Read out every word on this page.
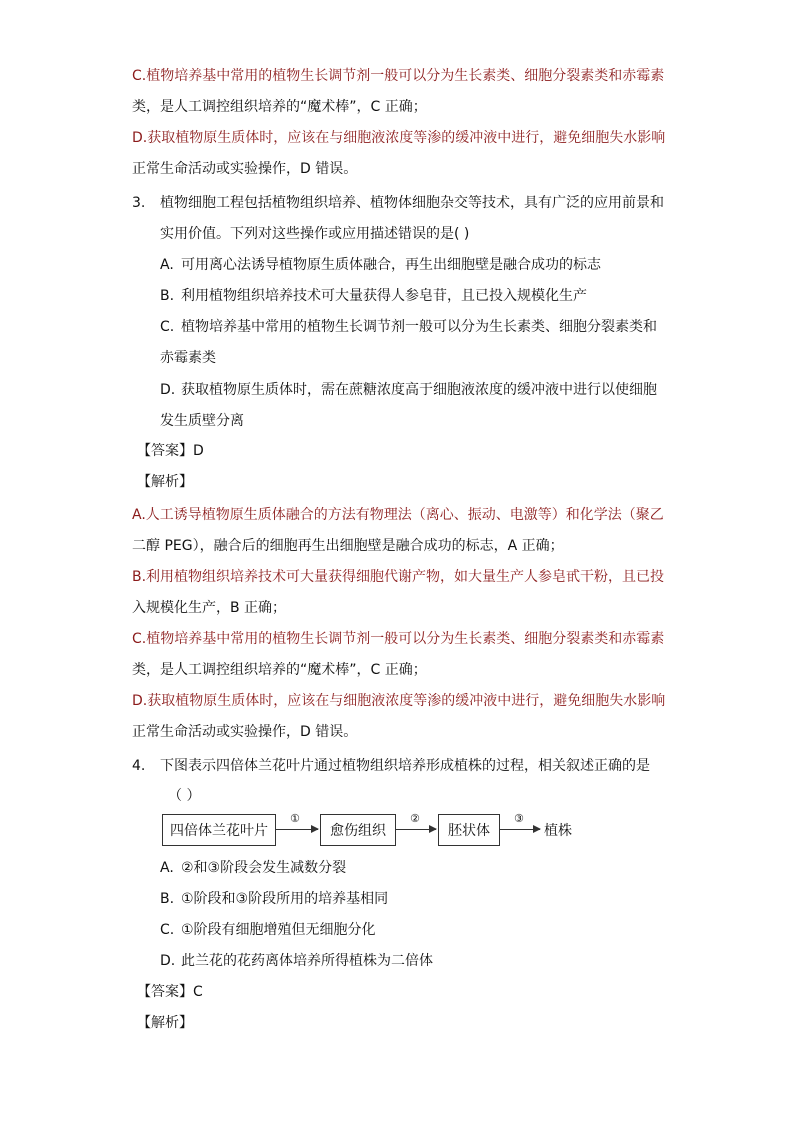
C.植物培养基中常用的植物生长调节剂一般可以分为生长素类、细胞分裂素类和赤霉素
类，是人工调控组织培养的“魔术棒”，C 正确；
D.获取植物原生质体时，应该在与细胞液浓度等渗的缓冲液中进行，避免细胞失水影响
正常生命活动或实验操作，D 错误。
3. 植物细胞工程包括植物组织培养、植物体细胞杂交等技术，具有广泛的应用前景和
实用价值。下列对这些操作或应用描述错误的是( )
A. 可用离心法诱导植物原生质体融合，再生出细胞壁是融合成功的标志
B. 利用植物组织培养技术可大量获得人参皂苷，且已投入规模化生产
C. 植物培养基中常用的植物生长调节剂一般可以分为生长素类、细胞分裂素类和
赤霉素类
D. 获取植物原生质体时，需在蔗糖浓度高于细胞液浓度的缓冲液中进行以使细胞
发生质壁分离
【答案】D
【解析】
A.人工诱导植物原生质体融合的方法有物理法（离心、振动、电激等）和化学法（聚乙
二醇 PEG），融合后的细胞再生出细胞壁是融合成功的标志，A 正确；
B.利用植物组织培养技术可大量获得细胞代谢产物，如大量生产人参皂甙干粉，且已投
入规模化生产，B 正确；
C.植物培养基中常用的植物生长调节剂一般可以分为生长素类、细胞分裂素类和赤霉素
类，是人工调控组织培养的“魔术棒”，C 正确；
D.获取植物原生质体时，应该在与细胞液浓度等渗的缓冲液中进行，避免细胞失水影响
正常生命活动或实验操作，D 错误。
4. 下图表示四倍体兰花叶片通过植物组织培养形成植株的过程，相关叙述正确的是
（ ）
四倍体兰花叶片
①
愈伤组织
②
胚状体
③
植株
A. ②和③阶段会发生减数分裂
B. ①阶段和③阶段所用的培养基相同
C. ①阶段有细胞增殖但无细胞分化
D. 此兰花的花药离体培养所得植株为二倍体
【答案】C
【解析】
